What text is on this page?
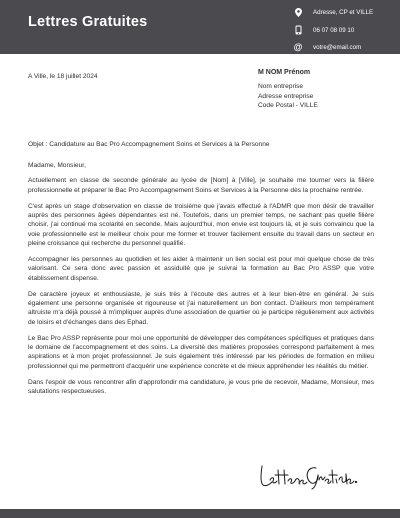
Lettres Gratuites
Adresse, CP et VILLE
06 07 08 09 10
@ votre@email.com
A Ville, le 18 juillet 2024
M NOM Prénom
Nom entreprise
Adresse entreprise
Code Postal - VILLE
Objet : Candidature au Bac Pro Accompagnement Soins et Services à la Personne
Madame, Monsieur,

Actuellement en classe de seconde générale au lycée de [Nom] à [Ville], je souhaite me tourner vers la filière professionnelle et préparer le Bac Pro Accompagnement Soins et Services à la Personne dès la prochaine rentrée.

C'est après un stage d'observation en classe de troisième que j'avais effectué à l'ADMR que mon désir de travailler auprès des personnes âgées dépendantes est né. Toutefois, dans un premier temps, ne sachant pas quelle filière choisir, j'ai continué ma scolarité en seconde. Mais aujourd'hui, mon envie est toujours là, et je suis convaincu que la voie professionnelle est le meilleur choix pour me former et trouver facilement ensuite du travail dans un secteur en pleine croissance qui recherche du personnel qualifié.

Accompagner les personnes au quotidien et les aider à maintenir un lien social est pour moi quelque chose de très valorisant. Ce sera donc avec passion et assiduité que je suivrai la formation au Bac Pro ASSP que votre établissement dispense.

De caractère joyeux et enthousiaste, je suis très à l'écoute des autres et à leur bien-être en général. Je suis également une personne organisée et rigoureuse et j'ai naturellement un bon contact. D'ailleurs mon tempérament altruiste m'a déjà poussé à m'impliquer auprès d'une association de quartier où je participe régulièrement aux activités de loisirs et d'échanges dans des Ephad.

Le Bac Pro ASSP représente pour moi une opportunité de développer des compétences spécifiques et pratiques dans le domaine de l'accompagnement et des soins. La diversité des matières proposées correspond parfaitement à mes aspirations et à mon projet professionnel. Je suis également très intéressé par les périodes de formation en milieu professionnel qui me permettront d'acquérir une expérience concrète et de mieux appréhender les réalités du métier.

Dans l'espoir de vous rencontrer afin d'approfondir ma candidature, je vous prie de recevoir, Madame, Monsieur, mes salutations respectueuses.
